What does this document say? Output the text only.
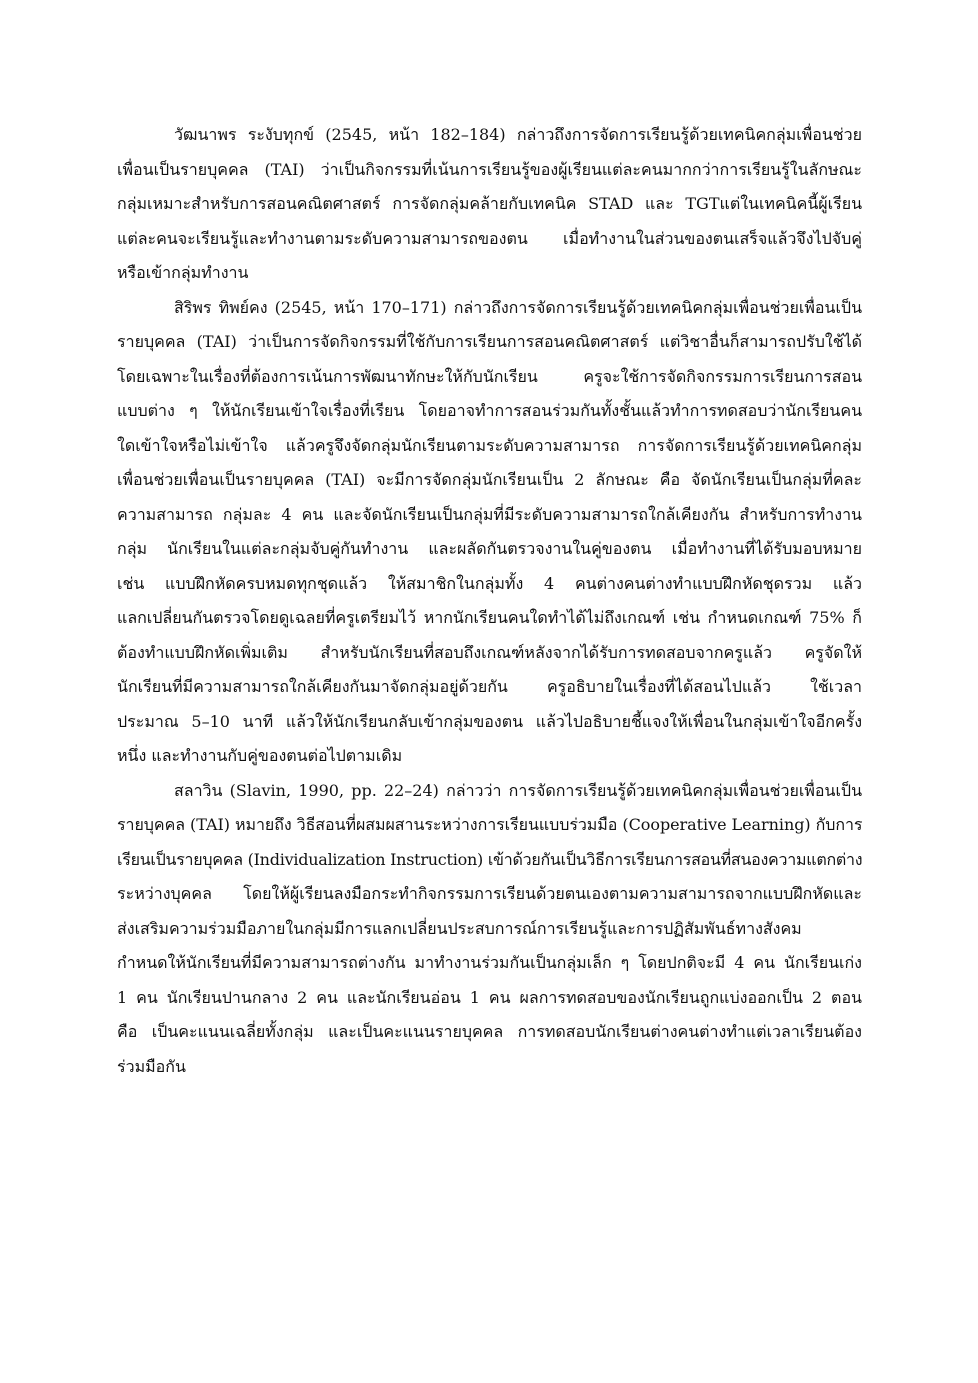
วัฒนาพร ระงับทุกข์ (2545, หน้า 182–184) กล่าวถึงการจัดการเรียนรู้ด้วยเทคนิคกลุ่มเพื่อนช่วย
เพื่อนเป็นรายบุคคล (TAI) ว่าเป็นกิจกรรมที่เน้นการเรียนรู้ของผู้เรียนแต่ละคนมากกว่าการเรียนรู้ในลักษณะ
กลุ่มเหมาะสำหรับการสอนคณิตศาสตร์ การจัดกลุ่มคล้ายกับเทคนิค STAD และ TGTแต่ในเทคนิคนี้ผู้เรียน
แต่ละคนจะเรียนรู้และทำงานตามระดับความสามารถของตน เมื่อทำงานในส่วนของตนเสร็จแล้วจึงไปจับคู่
หรือเข้ากลุ่มทำงาน
สิริพร ทิพย์คง (2545, หน้า 170–171) กล่าวถึงการจัดการเรียนรู้ด้วยเทคนิคกลุ่มเพื่อนช่วยเพื่อนเป็น
รายบุคคล (TAI) ว่าเป็นการจัดกิจกรรมที่ใช้กับการเรียนการสอนคณิตศาสตร์ แต่วิชาอื่นก็สามารถปรับใช้ได้
โดยเฉพาะในเรื่องที่ต้องการเน้นการพัฒนาทักษะให้กับนักเรียน ครูจะใช้การจัดกิจกรรมการเรียนการสอน
แบบต่าง ๆ ให้นักเรียนเข้าใจเรื่องที่เรียน โดยอาจทำการสอนร่วมกันทั้งชั้นแล้วทำการทดสอบว่านักเรียนคน
ใดเข้าใจหรือไม่เข้าใจ แล้วครูจึงจัดกลุ่มนักเรียนตามระดับความสามารถ การจัดการเรียนรู้ด้วยเทคนิคกลุ่ม
เพื่อนช่วยเพื่อนเป็นรายบุคคล (TAI) จะมีการจัดกลุ่มนักเรียนเป็น 2 ลักษณะ คือ จัดนักเรียนเป็นกลุ่มที่คละ
ความสามารถ กลุ่มละ 4 คน และจัดนักเรียนเป็นกลุ่มที่มีระดับความสามารถใกล้เคียงกัน สำหรับการทำงาน
กลุ่ม นักเรียนในแต่ละกลุ่มจับคู่กันทำงาน และผลัดกันตรวจงานในคู่ของตน เมื่อทำงานที่ได้รับมอบหมาย
เช่น แบบฝึกหัดครบหมดทุกชุดแล้ว ให้สมาชิกในกลุ่มทั้ง 4 คนต่างคนต่างทำแบบฝึกหัดชุดรวม แล้ว
แลกเปลี่ยนกันตรวจโดยดูเฉลยที่ครูเตรียมไว้ หากนักเรียนคนใดทำได้ไม่ถึงเกณฑ์ เช่น กำหนดเกณฑ์ 75% ก็
ต้องทำแบบฝึกหัดเพิ่มเติม สำหรับนักเรียนที่สอบถึงเกณฑ์หลังจากได้รับการทดสอบจากครูแล้ว ครูจัดให้
นักเรียนที่มีความสามารถใกล้เคียงกันมาจัดกลุ่มอยู่ด้วยกัน ครูอธิบายในเรื่องที่ได้สอนไปแล้ว ใช้เวลา
ประมาณ 5–10 นาที แล้วให้นักเรียนกลับเข้ากลุ่มของตน แล้วไปอธิบายชี้แจงให้เพื่อนในกลุ่มเข้าใจอีกครั้ง
หนึ่ง และทำงานกับคู่ของตนต่อไปตามเดิม
สลาวิน (Slavin, 1990, pp. 22–24) กล่าวว่า การจัดการเรียนรู้ด้วยเทคนิคกลุ่มเพื่อนช่วยเพื่อนเป็น
รายบุคคล (TAI) หมายถึง วิธีสอนที่ผสมผสานระหว่างการเรียนแบบร่วมมือ (Cooperative Learning) กับการ
เรียนเป็นรายบุคคล (Individualization Instruction) เข้าด้วยกันเป็นวิธีการเรียนการสอนที่สนองความแตกต่าง
ระหว่างบุคคล โดยให้ผู้เรียนลงมือกระทำกิจกรรมการเรียนด้วยตนเองตามความสามารถจากแบบฝึกหัดและ
ส่งเสริมความร่วมมือภายในกลุ่มมีการแลกเปลี่ยนประสบการณ์การเรียนรู้และการปฏิสัมพันธ์ทางสังคม
กำหนดให้นักเรียนที่มีความสามารถต่างกัน มาทำงานร่วมกันเป็นกลุ่มเล็ก ๆ โดยปกติจะมี 4 คน นักเรียนเก่ง
1 คน นักเรียนปานกลาง 2 คน และนักเรียนอ่อน 1 คน ผลการทดสอบของนักเรียนถูกแบ่งออกเป็น 2 ตอน
คือ เป็นคะแนนเฉลี่ยทั้งกลุ่ม และเป็นคะแนนรายบุคคล การทดสอบนักเรียนต่างคนต่างทำแต่เวลาเรียนต้อง
ร่วมมือกัน
